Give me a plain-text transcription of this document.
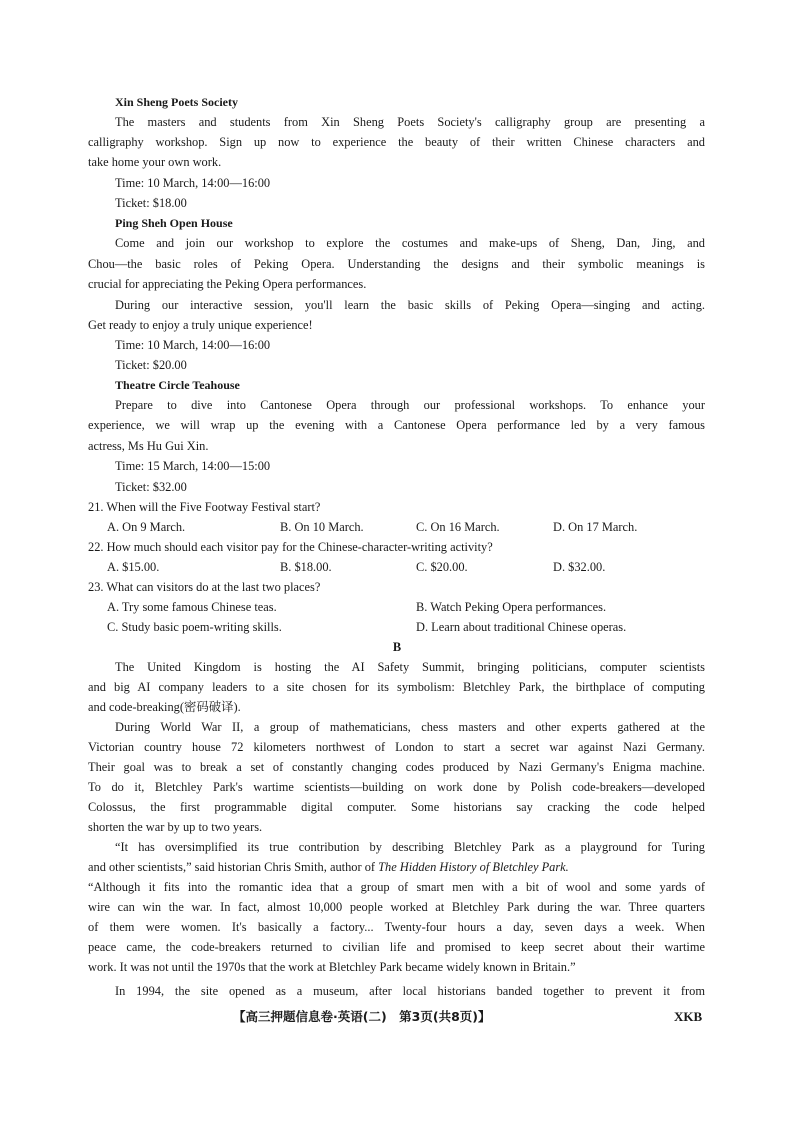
Xin Sheng Poets Society
The masters and students from Xin Sheng Poets Society's calligraphy group are presenting a
calligraphy workshop. Sign up now to experience the beauty of their written Chinese characters and
take home your own work.
Time: 10 March, 14:00—16:00
Ticket: $18.00
Ping Sheh Open House
Come and join our workshop to explore the costumes and make-ups of Sheng, Dan, Jing, and
Chou—the basic roles of Peking Opera. Understanding the designs and their symbolic meanings is
crucial for appreciating the Peking Opera performances.
During our interactive session, you'll learn the basic skills of Peking Opera—singing and acting.
Get ready to enjoy a truly unique experience!
Time: 10 March, 14:00—16:00
Ticket: $20.00
Theatre Circle Teahouse
Prepare to dive into Cantonese Opera through our professional workshops. To enhance your
experience, we will wrap up the evening with a Cantonese Opera performance led by a very famous
actress, Ms Hu Gui Xin.
Time: 15 March, 14:00—15:00
Ticket: $32.00
21. When will the Five Footway Festival start?
A. On 9 March.	B. On 10 March.	C. On 16 March.	D. On 17 March.
22. How much should each visitor pay for the Chinese-character-writing activity?
A. $15.00.	B. $18.00.	C. $20.00.	D. $32.00.
23. What can visitors do at the last two places?
A. Try some famous Chinese teas.	B. Watch Peking Opera performances.
C. Study basic poem-writing skills.	D. Learn about traditional Chinese operas.
B
The United Kingdom is hosting the AI Safety Summit, bringing politicians, computer scientists
and big AI company leaders to a site chosen for its symbolism: Bletchley Park, the birthplace of computing
and code-breaking(密码破译).
During World War II, a group of mathematicians, chess masters and other experts gathered at the
Victorian country house 72 kilometers northwest of London to start a secret war against Nazi Germany.
Their goal was to break a set of constantly changing codes produced by Nazi Germany's Enigma machine.
To do it, Bletchley Park's wartime scientists—building on work done by Polish code-breakers—developed
Colossus, the first programmable digital computer. Some historians say cracking the code helped
shorten the war by up to two years.
“It has oversimplified its true contribution by describing Bletchley Park as a playground for Turing
and other scientists,” said historian Chris Smith, author of The Hidden History of Bletchley Park.
“Although it fits into the romantic idea that a group of smart men with a bit of wool and some yards of
wire can win the war. In fact, almost 10,000 people worked at Bletchley Park during the war. Three quarters
of them were women. It's basically a factory... Twenty-four hours a day, seven days a week. When
peace came, the code-breakers returned to civilian life and promised to keep secret about their wartime
work. It was not until the 1970s that the work at Bletchley Park became widely known in Britain.”
In 1994, the site opened as a museum, after local historians banded together to prevent it from
【高三押题信息卷·英语(二)　第3页(共8页)】	XKB
